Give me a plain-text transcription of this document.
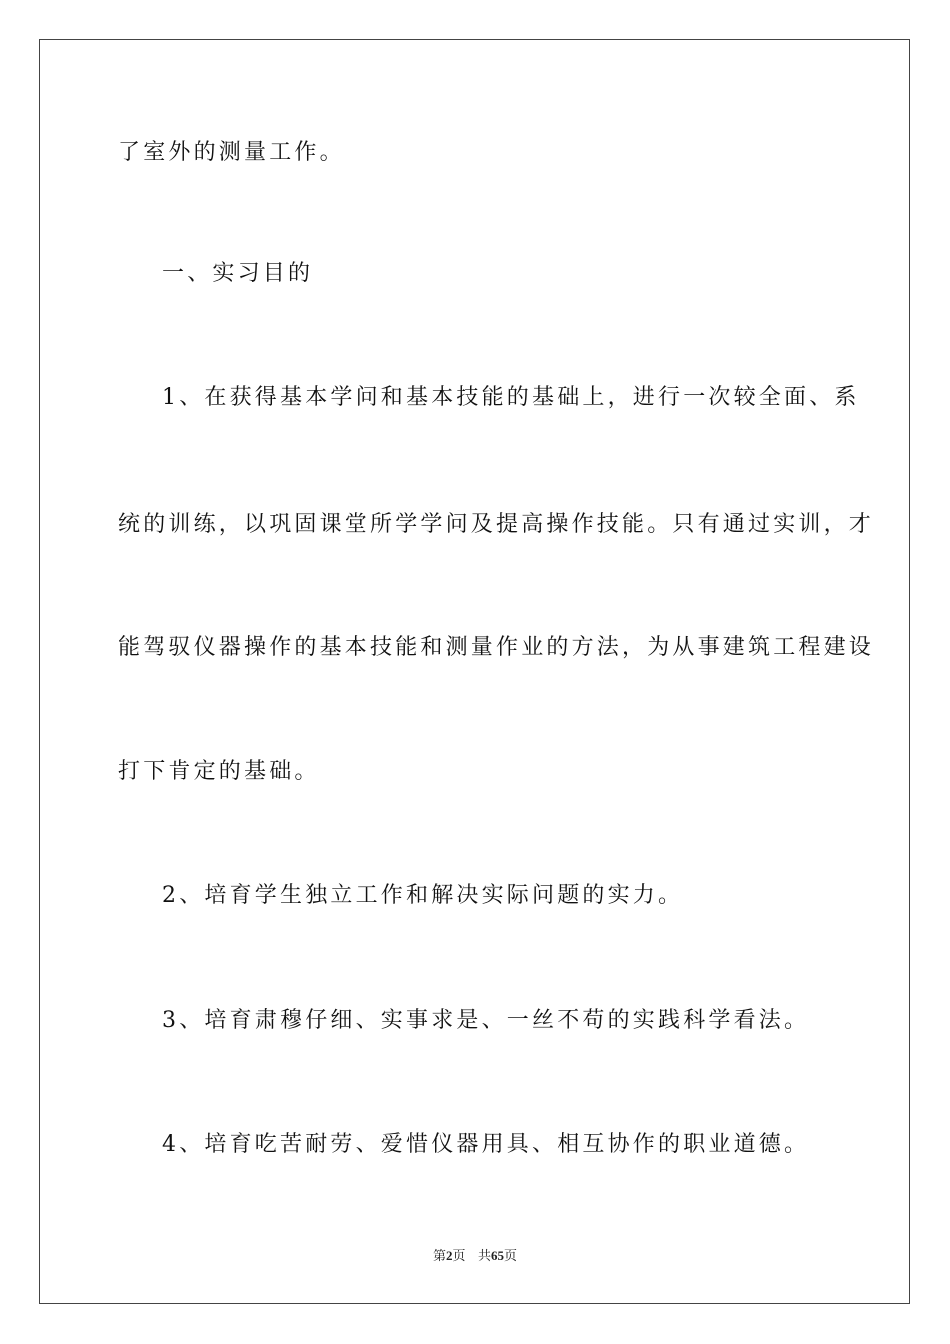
了室外的测量工作。
一、实习目的
1、在获得基本学问和基本技能的基础上，进行一次较全面、系
统的训练，以巩固课堂所学学问及提高操作技能。只有通过实训，才
能驾驭仪器操作的基本技能和测量作业的方法，为从事建筑工程建设
打下肯定的基础。
2、培育学生独立工作和解决实际问题的实力。
3、培育肃穆仔细、实事求是、一丝不苟的实践科学看法。
4、培育吃苦耐劳、爱惜仪器用具、相互协作的职业道德。
第2页 共65页
